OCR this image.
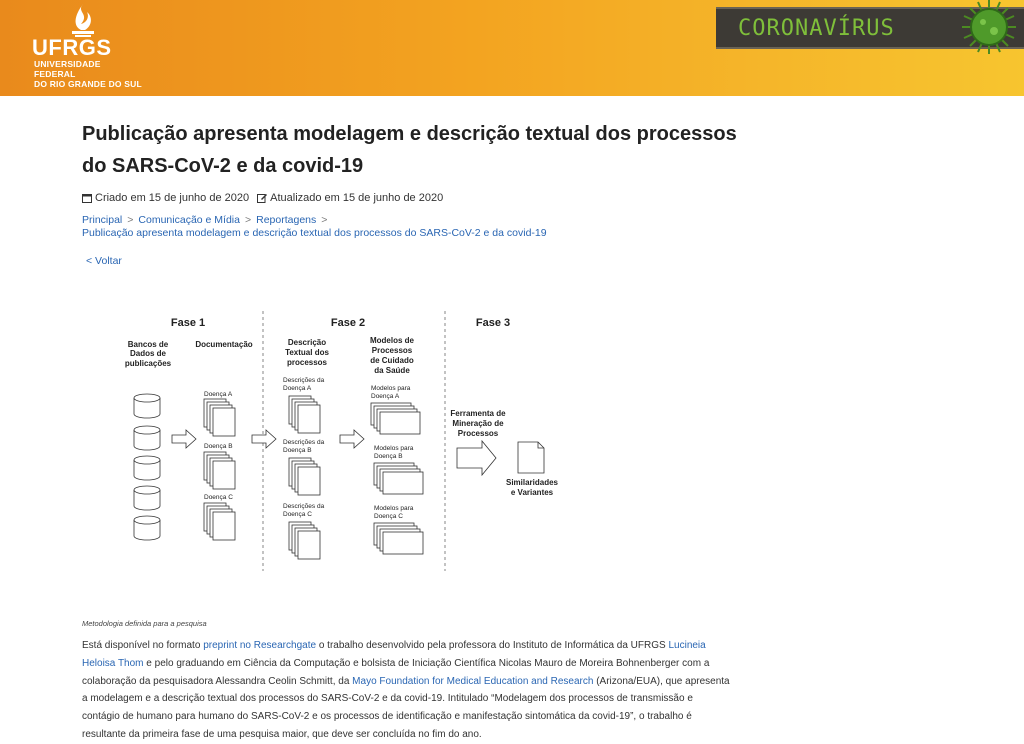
UFRGS
UNIVERSIDADE FEDERAL
DO RIO GRANDE DO SUL
CORONAVÍRUS
Publicação apresenta modelagem e descrição textual dos processos do SARS-CoV-2 e da covid-19
Criado em 15 de junho de 2020 Atualizado em 15 de junho de 2020
Principal > Comunicação e Mídia > Reportagens >
Publicação apresenta modelagem e descrição textual dos processos do SARS-CoV-2 e da covid-19
< Voltar
Fase 1	Fase 2	Fase 3
Bancos de
Dados de
publicações
Documentação	Descrição
Textual dos
processos
Modelos de
Processos
de Cuidado
da Saúde
Doença A
Doença B
Doença C
Descrições da
Doença A
Descrições da
Doença B
Descrições da
Doença C
Modelos para
Doença A
Modelos para
Doença B
Modelos para
Doença C
Ferramenta de
Mineração de
Processos
Similaridades
e Variantes
Metodologia definida para a pesquisa

Está disponível no formato preprint no Researchgate o trabalho desenvolvido pela professora do Instituto de Informática da UFRGS Lucineia Heloisa Thom e pelo graduando em Ciência da Computação e bolsista de Iniciação Científica Nicolas Mauro de Moreira Bohnenberger com a colaboração da pesquisadora Alessandra Ceolin Schmitt, da Mayo Foundation for Medical Education and Research (Arizona/EUA), que apresenta a modelagem e a descrição textual dos processos do SARS-CoV-2 e da covid-19. Intitulado “Modelagem dos processos de transmissão e contágio de humano para humano do SARS-CoV-2 e os processos de identificação e manifestação sintomática da covid-19”, o trabalho é resultante da primeira fase de uma pesquisa maior, que deve ser concluída no fim do ano.
